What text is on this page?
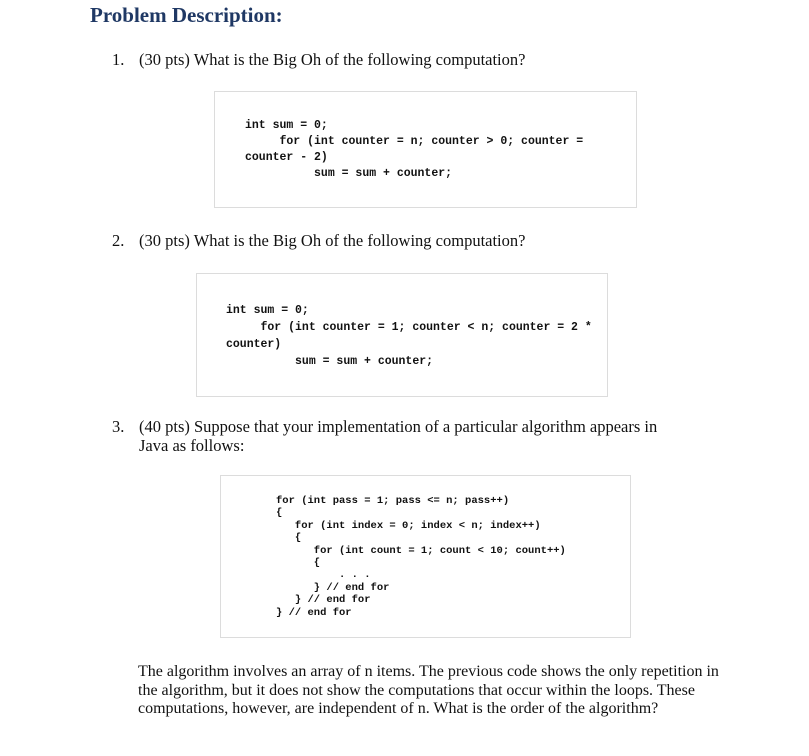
Problem Description:
1. (30 pts) What is the Big Oh of the following computation?
int sum = 0;
for (int counter = n; counter > 0; counter =
counter - 2)
sum = sum + counter;
2. (30 pts) What is the Big Oh of the following computation?
int sum = 0;
for (int counter = 1; counter < n; counter = 2 *
counter)
sum = sum + counter;
3. (40 pts) Suppose that your implementation of a particular algorithm appears in
Java as follows:
for (int pass = 1; pass <= n; pass++)
{
for (int index = 0; index < n; index++)
{
for (int count = 1; count < 10; count++)
{
. . .
} // end for
} // end for
} // end for
The algorithm involves an array of n items. The previous code shows the only repetition in the algorithm, but it does not show the computations that occur within the loops. These computations, however, are independent of n. What is the order of the algorithm?
